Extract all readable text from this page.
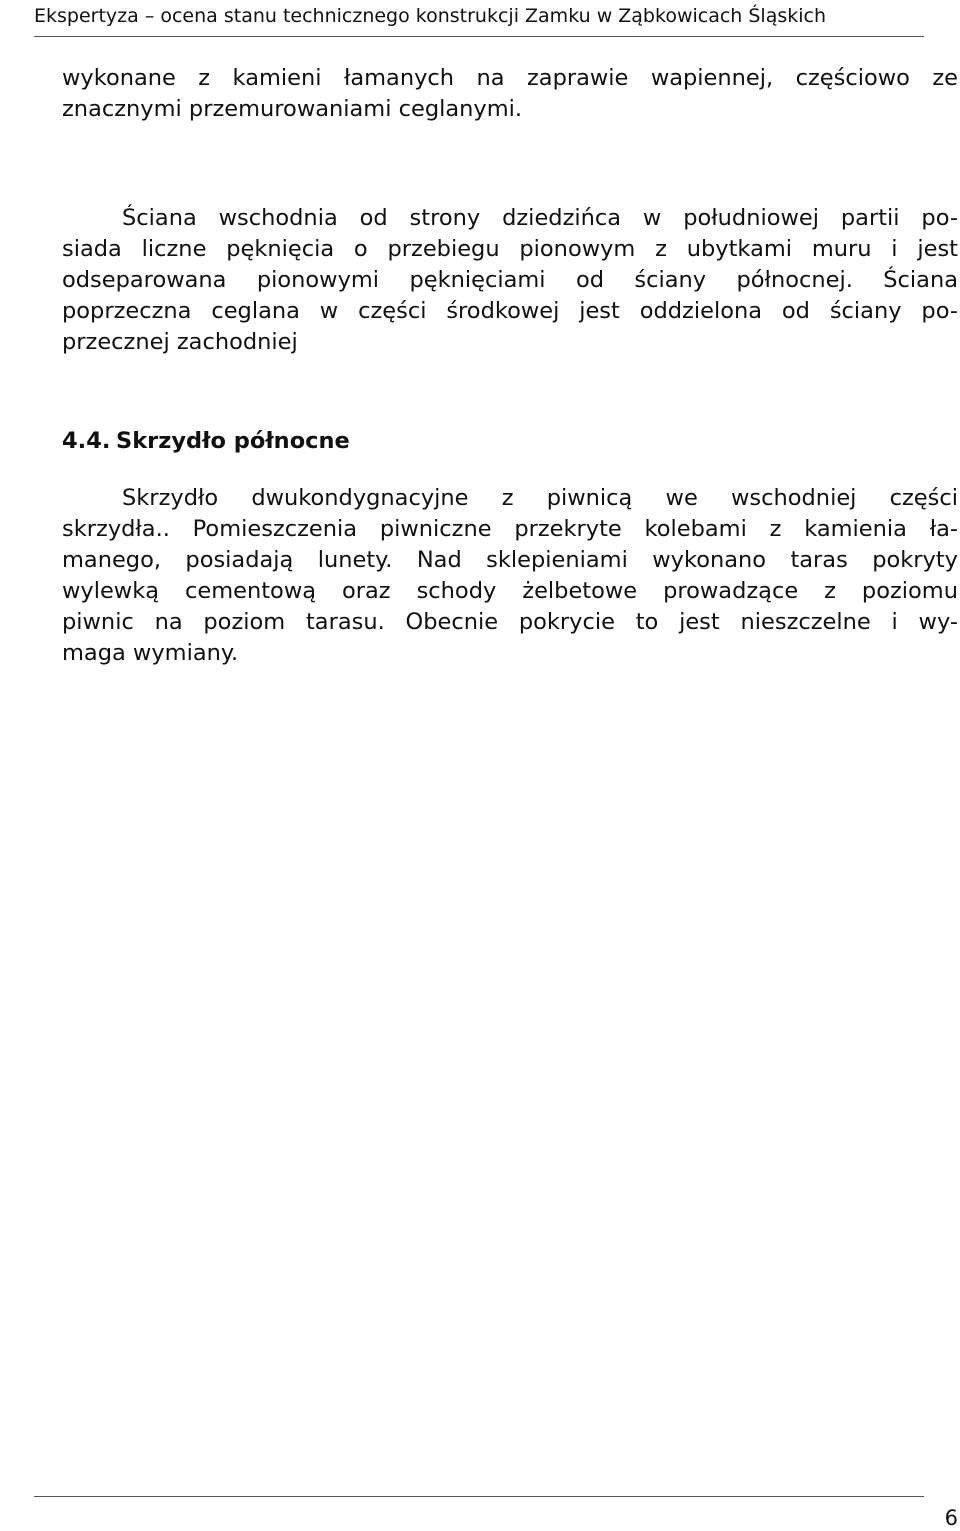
Ekspertyza – ocena stanu technicznego konstrukcji Zamku w Ząbkowicach Śląskich
wykonane z kamieni łamanych na zaprawie wapiennej, częściowo ze
znacznymi przemurowaniami ceglanymi.
Ściana wschodnia od strony dziedzińca w południowej partii po-
siada liczne pęknięcia o przebiegu pionowym z ubytkami muru i jest
odseparowana pionowymi pęknięciami od ściany północnej. Ściana
poprzeczna ceglana w części środkowej jest oddzielona od ściany po-
przecznej zachodniej
4.4. Skrzydło północne
Skrzydło dwukondygnacyjne z piwnicą we wschodniej części
skrzydła.. Pomieszczenia piwniczne przekryte kolebami z kamienia ła-
manego, posiadają lunety. Nad sklepieniami wykonano taras pokryty
wylewką cementową oraz schody żelbetowe prowadzące z poziomu
piwnic na poziom tarasu. Obecnie pokrycie to jest nieszczelne i wy-
maga wymiany.
6
